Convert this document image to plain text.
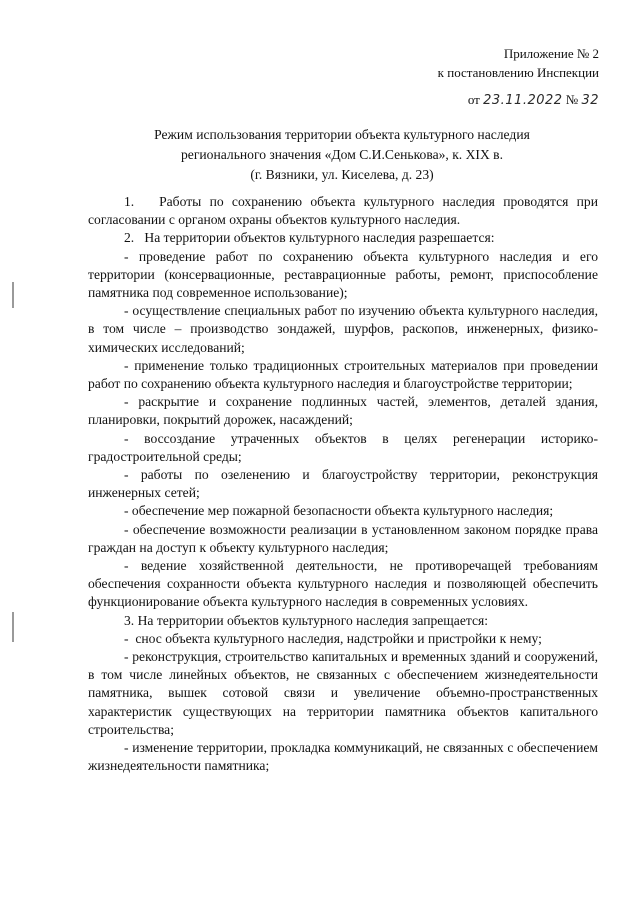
Приложение № 2
к постановлению Инспекции
от 23.11.2022 № 32
Режим использования территории объекта культурного наследия
регионального значения «Дом С.И.Сенькова», к. XIX в.
(г. Вязники, ул. Киселева, д. 23)

1.   Работы по сохранению объекта культурного наследия проводятся при согласовании с органом охраны объектов культурного наследия.

2.   На территории объектов культурного наследия разрешается:

- проведение работ по сохранению объекта культурного наследия и его территории (консервационные, реставрационные работы, ремонт, приспособление памятника под современное использование);

- осуществление специальных работ по изучению объекта культурного наследия, в том числе – производство зондажей, шурфов, раскопов, инженерных, физико-химических исследований;

- применение только традиционных строительных материалов при проведении работ по сохранению объекта культурного наследия и благоустройстве территории;

- раскрытие и сохранение подлинных частей, элементов, деталей здания, планировки, покрытий дорожек, насаждений;

- воссоздание утраченных объектов в целях регенерации историко-градостроительной среды;

- работы по озеленению и благоустройству территории, реконструкция инженерных сетей;

- обеспечение мер пожарной безопасности объекта культурного наследия;

- обеспечение возможности реализации в установленном законом порядке права граждан на доступ к объекту культурного наследия;

- ведение хозяйственной деятельности, не противоречащей требованиям обеспечения сохранности объекта культурного наследия и позволяющей обеспечить функционирование объекта культурного наследия в современных условиях.

3. На территории объектов культурного наследия запрещается:

-  снос объекта культурного наследия, надстройки и пристройки к нему;

- реконструкция, строительство капитальных и временных зданий и сооружений, в том числе линейных объектов, не связанных с обеспечением жизнедеятельности памятника, вышек сотовой связи и увеличение объемно-пространственных характеристик существующих на территории памятника объектов капитального строительства;

- изменение территории, прокладка коммуникаций, не связанных с обеспечением жизнедеятельности памятника;
